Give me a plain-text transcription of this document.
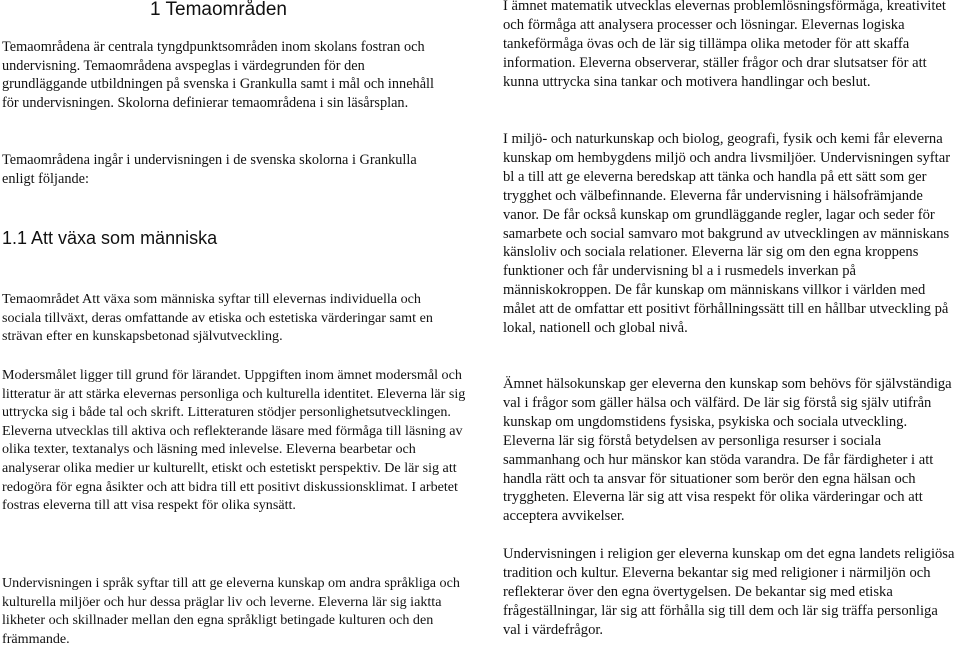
1 Temaområden

Temaområdena är centrala tyngdpunktsområden inom skolans fostran och undervisning. Temaområdena avspeglas i värdegrunden för den grundläggande utbildningen på svenska i Grankulla samt i mål och innehåll för undervisningen. Skolorna definierar temaområdena i sin läsårsplan.

Temaområdena ingår i undervisningen i de svenska skolorna i Grankulla enligt följande:

1.1 Att växa som människa

Temaområdet Att växa som människa syftar till elevernas individuella och sociala tillväxt, deras omfattande av etiska och estetiska värderingar samt en strävan efter en kunskapsbetonad självutveckling.

Modersmålet ligger till grund för lärandet. Uppgiften inom ämnet modersmål och litteratur är att stärka elevernas personliga och kulturella identitet. Eleverna lär sig uttrycka sig i både tal och skrift. Litteraturen stödjer personlighetsutvecklingen. Eleverna utvecklas till aktiva och reflekterande läsare med förmåga till läsning av olika texter, textanalys och läsning med inlevelse. Eleverna bearbetar och analyserar olika medier ur kulturellt, etiskt och estetiskt perspektiv. De lär sig att redogöra för egna åsikter och att bidra till ett positivt diskussionsklimat. I arbetet fostras eleverna till att visa respekt för olika synsätt.

Undervisningen i språk syftar till att ge eleverna kunskap om andra språkliga och kulturella miljöer och hur dessa präglar liv och leverne. Eleverna lär sig iaktta likheter och skillnader mellan den egna språkligt betingade kulturen och den främmande.

I ämnet matematik utvecklas elevernas problemlösningsförmåga, kreativitet och förmåga att analysera processer och lösningar. Elevernas logiska tankeförmåga övas och de lär sig tillämpa olika metoder för att skaffa information. Eleverna observerar, ställer frågor och drar slutsatser för att kunna uttrycka sina tankar och motivera handlingar och beslut.

I miljö- och naturkunskap och biolog, geografi, fysik och kemi får eleverna kunskap om hembygdens miljö och andra livsmiljöer. Undervisningen syftar bl a till att ge eleverna beredskap att tänka och handla på ett sätt som ger trygghet och välbefinnande. Eleverna får undervisning i hälsofrämjande vanor. De får också kunskap om grundläggande regler, lagar och seder för samarbete och social samvaro mot bakgrund av utvecklingen av människans känsloliv och sociala relationer. Eleverna lär sig om den egna kroppens funktioner och får undervisning bl a i rusmedels inverkan på människokroppen. De får kunskap om människans villkor i världen med målet att de omfattar ett positivt förhållningssätt till en hållbar utveckling på lokal, nationell och global nivå.

Ämnet hälsokunskap ger eleverna den kunskap som behövs för självständiga val i frågor som gäller hälsa och välfärd. De lär sig förstå sig själv utifrån kunskap om ungdomstidens fysiska, psykiska och sociala utveckling. Eleverna lär sig förstå betydelsen av personliga resurser i sociala sammanhang och hur mänskor kan stöda varandra. De får färdigheter i att handla rätt och ta ansvar för situationer som berör den egna hälsan och tryggheten. Eleverna lär sig att visa respekt för olika värderingar och att acceptera avvikelser.

Undervisningen i religion ger eleverna kunskap om det egna landets religiösa tradition och kultur. Eleverna bekantar sig med religioner i närmiljön och reflekterar över den egna övertygelsen. De bekantar sig med etiska frågeställningar, lär sig att förhålla sig till dem och lär sig träffa personliga val i värdefrågor.
